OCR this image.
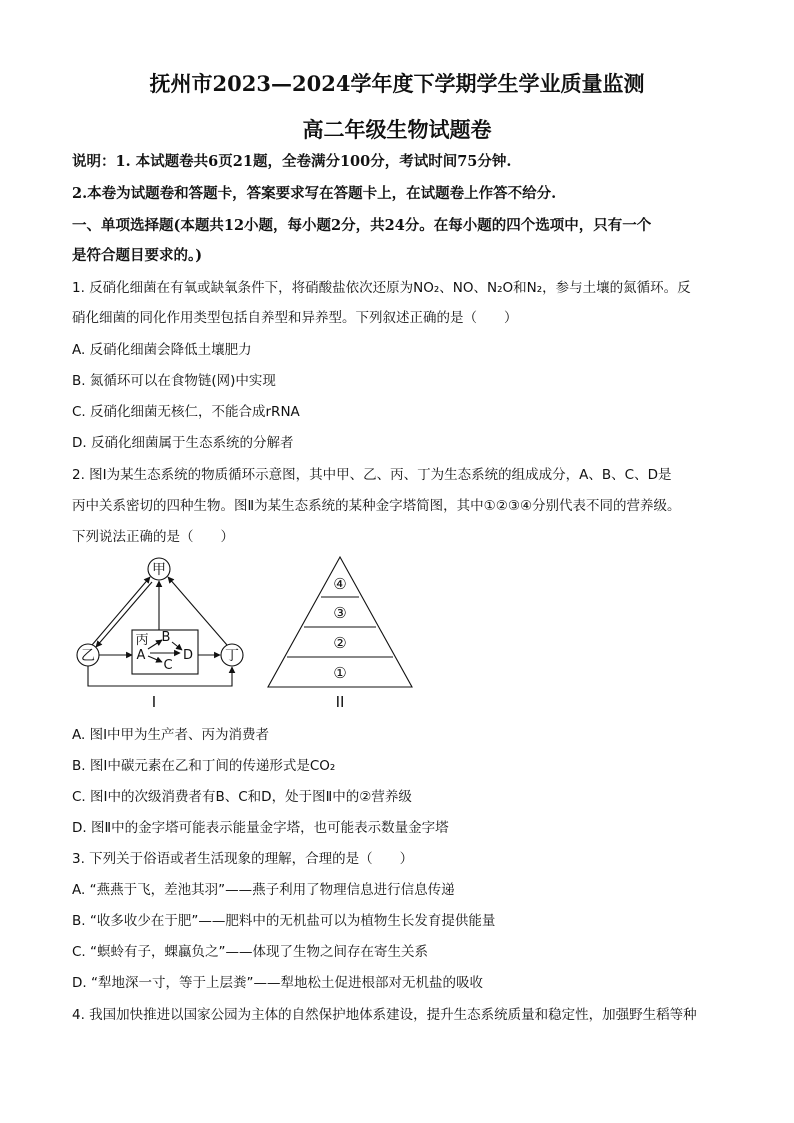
抚州市2023—2024学年度下学期学生学业质量监测
高二年级生物试题卷
说明：1. 本试题卷共6页21题，全卷满分100分，考试时间75分钟.
2.本卷为试题卷和答题卡，答案要求写在答题卡上，在试题卷上作答不给分.
一、单项选择题(本题共12小题，每小题2分，共24分。在每小题的四个选项中，只有一个
是符合题目要求的。)
1. 反硝化细菌在有氧或缺氧条件下，将硝酸盐依次还原为NO₂、NO、N₂O和N₂，参与土壤的氮循环。反
硝化细菌的同化作用类型包括自养型和异养型。下列叙述正确的是（　　）
A. 反硝化细菌会降低土壤肥力
B. 氮循环可以在食物链(网)中实现
C. 反硝化细菌无核仁，不能合成rRNA
D. 反硝化细菌属于生态系统的分解者
2. 图Ⅰ为某生态系统的物质循环示意图，其中甲、乙、丙、丁为生态系统的组成成分，A、B、C、D是
丙中关系密切的四种生物。图Ⅱ为某生态系统的某种金字塔简图，其中①②③④分别代表不同的营养级。
下列说法正确的是（　　）
甲
乙	丁
丙
A
B
C
D
I
④
③
②
①
II
A. 图Ⅰ中甲为生产者、丙为消费者
B. 图Ⅰ中碳元素在乙和丁间的传递形式是CO₂
C. 图Ⅰ中的次级消费者有B、C和D，处于图Ⅱ中的②营养级
D. 图Ⅱ中的金字塔可能表示能量金字塔，也可能表示数量金字塔
3. 下列关于俗语或者生活现象的理解，合理的是（　　）
A. “燕燕于飞，差池其羽”——燕子利用了物理信息进行信息传递
B. “收多收少在于肥”——肥料中的无机盐可以为植物生长发育提供能量
C. “螟蛉有子，蜾蠃负之”——体现了生物之间存在寄生关系
D. “犁地深一寸，等于上层粪”——犁地松土促进根部对无机盐的吸收
4. 我国加快推进以国家公园为主体的自然保护地体系建设，提升生态系统质量和稳定性，加强野生稻等种
